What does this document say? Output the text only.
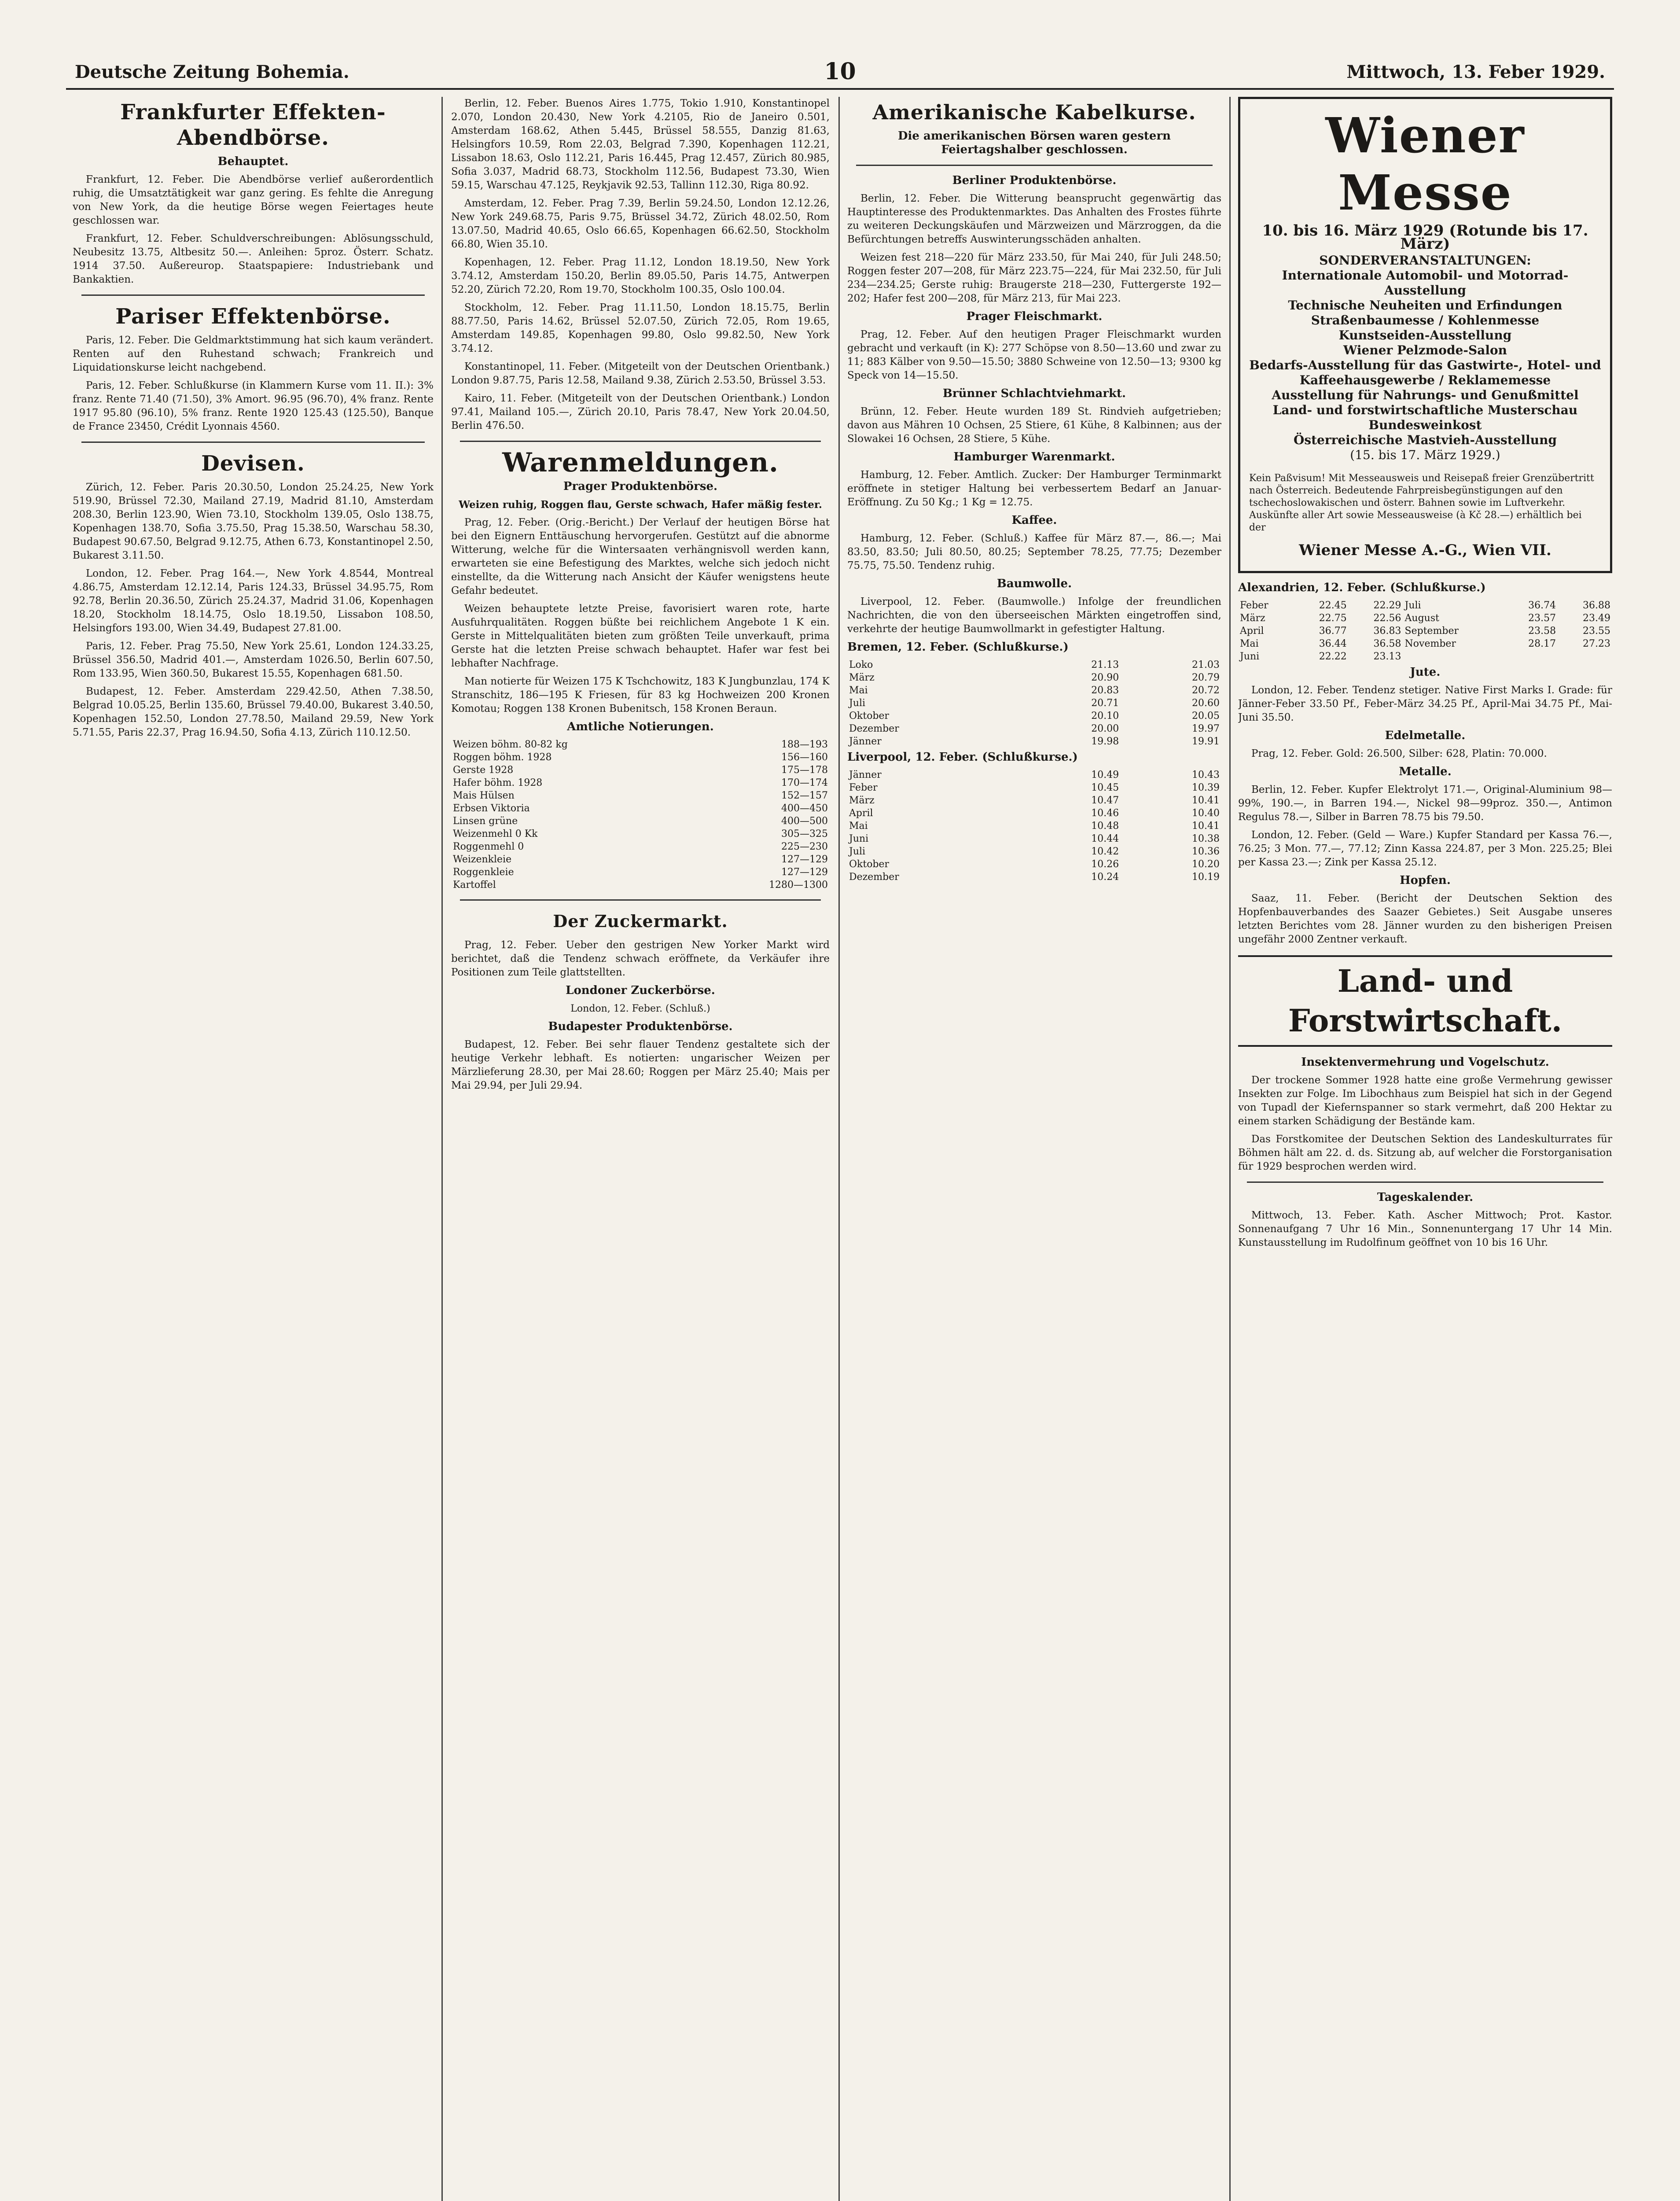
Deutsche Zeitung Bohemia.	10	Mittwoch, 13. Feber 1929.
Frankfurter Effekten-Abendbörse.
Behauptet.

Frankfurt, 12. Feber. Die Abendbörse verlief außerordentlich ruhig, die Umsatztätigkeit war ganz gering. Es fehlte die Anregung von New York, da die heutige Börse wegen Feiertages heute geschlossen war.

Frankfurt, 12. Feber. Schuldverschreibungen: Ablösungsschuld, Neubesitz 13.75, Altbesitz 50.—. Anleihen: 5proz. Österr. Schatz. 1914 37.50. Außereurop. Staatspapiere: Industriebank und Bankaktien.

Pariser Effektenbörse.

Paris, 12. Feber. Die Geldmarktstimmung hat sich kaum verändert. Renten auf den Ruhestand schwach; Frankreich und Liquidationskurse leicht nachgebend.

Paris, 12. Feber. Schlußkurse (in Klammern Kurse vom 11. II.): 3% franz. Rente 71.40 (71.50), 3% Amort. 96.95 (96.70), 4% franz. Rente 1917 95.80 (96.10), 5% franz. Rente 1920 125.43 (125.50), Banque de France 23450, Crédit Lyonnais 4560.

Devisen.

Zürich, 12. Feber. Paris 20.30.50, London 25.24.25, New York 519.90, Brüssel 72.30, Mailand 27.19, Madrid 81.10, Amsterdam 208.30, Berlin 123.90, Wien 73.10, Stockholm 139.05, Oslo 138.75, Kopenhagen 138.70, Sofia 3.75.50, Prag 15.38.50, Warschau 58.30, Budapest 90.67.50, Belgrad 9.12.75, Athen 6.73, Konstantinopel 2.50, Bukarest 3.11.50.

London, 12. Feber. Prag 164.—, New York 4.8544, Montreal 4.86.75, Amsterdam 12.12.14, Paris 124.33, Brüssel 34.95.75, Rom 92.78, Berlin 20.36.50, Zürich 25.24.37, Madrid 31.06, Kopenhagen 18.20, Stockholm 18.14.75, Oslo 18.19.50, Lissabon 108.50, Helsingfors 193.00, Wien 34.49, Budapest 27.81.00.

Paris, 12. Feber. Prag 75.50, New York 25.61, London 124.33.25, Brüssel 356.50, Madrid 401.—, Amsterdam 1026.50, Berlin 607.50, Rom 133.95, Wien 360.50, Bukarest 15.55, Kopenhagen 681.50.

Budapest, 12. Feber. Amsterdam 229.42.50, Athen 7.38.50, Belgrad 10.05.25, Berlin 135.60, Brüssel 79.40.00, Bukarest 3.40.50, Kopenhagen 152.50, London 27.78.50, Mailand 29.59, New York 5.71.55, Paris 22.37, Prag 16.94.50, Sofia 4.13, Zürich 110.12.50.

Berlin, 12. Feber. Buenos Aires 1.775, Tokio 1.910, Konstantinopel 2.070, London 20.430, New York 4.2105, Rio de Janeiro 0.501, Amsterdam 168.62, Athen 5.445, Brüssel 58.555, Danzig 81.63, Helsingfors 10.59, Rom 22.03, Belgrad 7.390, Kopenhagen 112.21, Lissabon 18.63, Oslo 112.21, Paris 16.445, Prag 12.457, Zürich 80.985, Sofia 3.037, Madrid 68.73, Stockholm 112.56, Budapest 73.30, Wien 59.15, Warschau 47.125, Reykjavik 92.53, Tallinn 112.30, Riga 80.92.

Amsterdam, 12. Feber. Prag 7.39, Berlin 59.24.50, London 12.12.26, New York 249.68.75, Paris 9.75, Brüssel 34.72, Zürich 48.02.50, Rom 13.07.50, Madrid 40.65, Oslo 66.65, Kopenhagen 66.62.50, Stockholm 66.80, Wien 35.10.

Kopenhagen, 12. Feber. Prag 11.12, London 18.19.50, New York 3.74.12, Amsterdam 150.20, Berlin 89.05.50, Paris 14.75, Antwerpen 52.20, Zürich 72.20, Rom 19.70, Stockholm 100.35, Oslo 100.04.

Stockholm, 12. Feber. Prag 11.11.50, London 18.15.75, Berlin 88.77.50, Paris 14.62, Brüssel 52.07.50, Zürich 72.05, Rom 19.65, Amsterdam 149.85, Kopenhagen 99.80, Oslo 99.82.50, New York 3.74.12.

Konstantinopel, 11. Feber. (Mitgeteilt von der Deutschen Orientbank.) London 9.87.75, Paris 12.58, Mailand 9.38, Zürich 2.53.50, Brüssel 3.53.

Kairo, 11. Feber. (Mitgeteilt von der Deutschen Orientbank.) London 97.41, Mailand 105.—, Zürich 20.10, Paris 78.47, New York 20.04.50, Berlin 476.50.

Warenmeldungen.
Prager Produktenbörse.
Weizen ruhig, Roggen flau, Gerste schwach, Hafer mäßig fester.

Prag, 12. Feber. (Orig.-Bericht.) Der Verlauf der heutigen Börse hat bei den Eignern Enttäuschung hervorgerufen. Gestützt auf die abnorme Witterung, welche für die Wintersaaten verhängnisvoll werden kann, erwarteten sie eine Befestigung des Marktes, welche sich jedoch nicht einstellte, da die Witterung nach Ansicht der Käufer wenigstens heute Gefahr bedeutet.

Weizen behauptete letzte Preise, favorisiert waren rote, harte Ausfuhrqualitäten. Roggen büßte bei reichlichem Angebote 1 K ein. Gerste in Mittelqualitäten bieten zum größten Teile unverkauft, prima Gerste hat die letzten Preise schwach behauptet. Hafer war fest bei lebhafter Nachfrage.

Man notierte für Weizen 175 K Tschchowitz, 183 K Jungbunzlau, 174 K Stranschitz, 186—195 K Friesen, für 83 kg Hochweizen 200 Kronen Komotau; Roggen 138 Kronen Bubenitsch, 158 Kronen Beraun.

Amtliche Notierungen.
Weizen böhm. 80-82 kg	188—193
Roggen böhm. 1928	156—160
Gerste 1928	175—178
Hafer böhm. 1928	170—174
Mais Hülsen	152—157
Erbsen Viktoria	400—450
Linsen grüne	400—500
Weizenmehl 0 Kk	305—325
Roggenmehl 0	225—230
Weizenkleie	127—129
Roggenkleie	127—129
Kartoffel	1280—1300
Der Zuckermarkt.

Prag, 12. Feber. Ueber den gestrigen New Yorker Markt wird berichtet, daß die Tendenz schwach eröffnete, da Verkäufer ihre Positionen zum Teile glattstellten.

Londoner Zuckerbörse.
London, 12. Feber. (Schluß.)
Budapester Produktenbörse.

Budapest, 12. Feber. Bei sehr flauer Tendenz gestaltete sich der heutige Verkehr lebhaft. Es notierten: ungarischer Weizen per Märzlieferung 28.30, per Mai 28.60; Roggen per März 25.40; Mais per Mai 29.94, per Juli 29.94.

Amerikanische Kabelkurse.
Die amerikanischen Börsen waren gestern Feiertagshalber geschlossen.
Berliner Produktenbörse.

Berlin, 12. Feber. Die Witterung beansprucht gegenwärtig das Hauptinteresse des Produktenmarktes. Das Anhalten des Frostes führte zu weiteren Deckungskäufen und Märzweizen und Märzroggen, da die Befürchtungen betreffs Auswinterungsschäden anhalten.

Weizen fest 218—220 für März 233.50, für Mai 240, für Juli 248.50; Roggen fester 207—208, für März 223.75—224, für Mai 232.50, für Juli 234—234.25; Gerste ruhig: Braugerste 218—230, Futtergerste 192—202; Hafer fest 200—208, für März 213, für Mai 223.

Prager Fleischmarkt.

Prag, 12. Feber. Auf den heutigen Prager Fleischmarkt wurden gebracht und verkauft (in K): 277 Schöpse von 8.50—13.60 und zwar zu 11; 883 Kälber von 9.50—15.50; 3880 Schweine von 12.50—13; 9300 kg Speck von 14—15.50.

Brünner Schlachtviehmarkt.

Brünn, 12. Feber. Heute wurden 189 St. Rindvieh aufgetrieben; davon aus Mähren 10 Ochsen, 25 Stiere, 61 Kühe, 8 Kalbinnen; aus der Slowakei 16 Ochsen, 28 Stiere, 5 Kühe.

Hamburger Warenmarkt.

Hamburg, 12. Feber. Amtlich. Zucker: Der Hamburger Terminmarkt eröffnete in stetiger Haltung bei verbessertem Bedarf an Januar-Eröffnung. Zu 50 Kg.; 1 Kg = 12.75.

Kaffee.

Hamburg, 12. Feber. (Schluß.) Kaffee für März 87.—, 86.—; Mai 83.50, 83.50; Juli 80.50, 80.25; September 78.25, 77.75; Dezember 75.75, 75.50. Tendenz ruhig.

Baumwolle.

Liverpool, 12. Feber. (Baumwolle.) Infolge der freundlichen Nachrichten, die von den überseeischen Märkten eingetroffen sind, verkehrte der heutige Baumwollmarkt in gefestigter Haltung.

Bremen, 12. Feber. (Schlußkurse.)
Loko	21.13	21.03
März	20.90	20.79
Mai	20.83	20.72
Juli	20.71	20.60
Oktober	20.10	20.05
Dezember	20.00	19.97
Jänner	19.98	19.91
Liverpool, 12. Feber. (Schlußkurse.)
Jänner	10.49	10.43
Feber	10.45	10.39
März	10.47	10.41
April	10.46	10.40
Mai	10.48	10.41
Juni	10.44	10.38
Juli	10.42	10.36
Oktober	10.26	10.20
Dezember	10.24	10.19
Wiener Messe
10. bis 16. März 1929 (Rotunde bis 17. März)
SONDERVERANSTALTUNGEN:
Internationale Automobil- und Motorrad-Ausstellung
Technische Neuheiten und Erfindungen
Straßenbaumesse / Kohlenmesse
Kunstseiden-Ausstellung
Wiener Pelzmode-Salon
Bedarfs-Ausstellung für das Gastwirte-, Hotel- und Kaffeehausgewerbe / Reklamemesse
Ausstellung für Nahrungs- und Genußmittel
Land- und forstwirtschaftliche Musterschau
Bundesweinkost
Österreichische Mastvieh-Ausstellung
(15. bis 17. März 1929.)

Kein Paßvisum! Mit Messeausweis und Reisepaß freier Grenzübertritt nach Österreich. Bedeutende Fahrpreisbegünstigungen auf den tschechoslowakischen und österr. Bahnen sowie im Luftverkehr. Auskünfte aller Art sowie Messeausweise (à Kč 28.—) erhältlich bei der

Wiener Messe A.-G., Wien VII.
Alexandrien, 12. Feber. (Schlußkurse.)
Feber	22.45	22.29	Juli	36.74	36.88
März	22.75	22.56	August	23.57	23.49
April	36.77	36.83	September	23.58	23.55
Mai	36.44	36.58	November	28.17	27.23
Juni	22.22	23.13			
Jute.

London, 12. Feber. Tendenz stetiger. Native First Marks I. Grade: für Jänner-Feber 33.50 Pf., Feber-März 34.25 Pf., April-Mai 34.75 Pf., Mai-Juni 35.50.

Edelmetalle.

Prag, 12. Feber. Gold: 26.500, Silber: 628, Platin: 70.000.

Metalle.

Berlin, 12. Feber. Kupfer Elektrolyt 171.—, Original-Aluminium 98—99%, 190.—, in Barren 194.—, Nickel 98—99proz. 350.—, Antimon Regulus 78.—, Silber in Barren 78.75 bis 79.50.

London, 12. Feber. (Geld — Ware.) Kupfer Standard per Kassa 76.—, 76.25; 3 Mon. 77.—, 77.12; Zinn Kassa 224.87, per 3 Mon. 225.25; Blei per Kassa 23.—; Zink per Kassa 25.12.

Hopfen.

Saaz, 11. Feber. (Bericht der Deutschen Sektion des Hopfenbauverbandes des Saazer Gebietes.) Seit Ausgabe unseres letzten Berichtes vom 28. Jänner wurden zu den bisherigen Preisen ungefähr 2000 Zentner verkauft.

Land- und Forstwirtschaft.
Insektenvermehrung und Vogelschutz.

Der trockene Sommer 1928 hatte eine große Vermehrung gewisser Insekten zur Folge. Im Libochhaus zum Beispiel hat sich in der Gegend von Tupadl der Kiefernspanner so stark vermehrt, daß 200 Hektar zu einem starken Schädigung der Bestände kam.

Das Forstkomitee der Deutschen Sektion des Landeskulturrates für Böhmen hält am 22. d. ds. Sitzung ab, auf welcher die Forstorganisation für 1929 besprochen werden wird.

Tageskalender.

Mittwoch, 13. Feber. Kath. Ascher Mittwoch; Prot. Kastor. Sonnenaufgang 7 Uhr 16 Min., Sonnenuntergang 17 Uhr 14 Min. Kunstausstellung im Rudolfinum geöffnet von 10 bis 16 Uhr.
